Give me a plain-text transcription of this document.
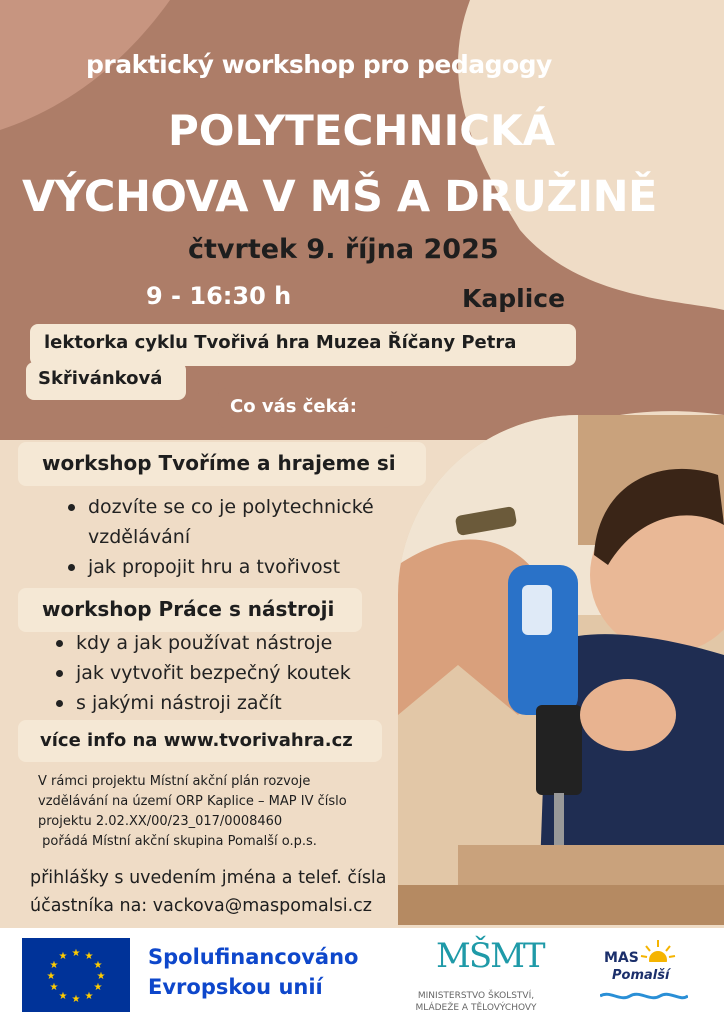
praktický workshop pro pedagogy
POLYTECHNICKÁ
VÝCHOVA V MŠ A DRUŽINĚ
čtvrtek 9. října 2025
9 - 16:30 h	Kaplice
lektorka cyklu Tvořivá hra Muzea Říčany Petra
Skřivánková
Co vás čeká:
workshop Tvoříme a hrajeme si
dozvíte se co je polytechnické
vzdělávání
jak propojit hru a tvořivost
workshop Práce s nástroji
kdy a jak používat nástroje
jak vytvořit bezpečný koutek
s jakými nástroji začít
více info na www.tvorivahra.cz
V rámci projektu Místní akční plán rozvoje
vzdělávání na území ORP Kaplice – MAP IV číslo
projektu 2.02.XX/00/23_017/0008460
pořádá Místní akční skupina Pomalší o.p.s.
přihlášky s uvedením jména a telef. čísla
účastníka na: vackova@maspomalsi.cz
★ ★
★
★
★
★
★
★
★
★
★
★	Spolufinancováno
Evropskou unií
MŠMT
MINISTERSTVO ŠKOLSTVÍ,
MLÁDEŽE A TĚLOVÝCHOVY
MAS
Pomalší
